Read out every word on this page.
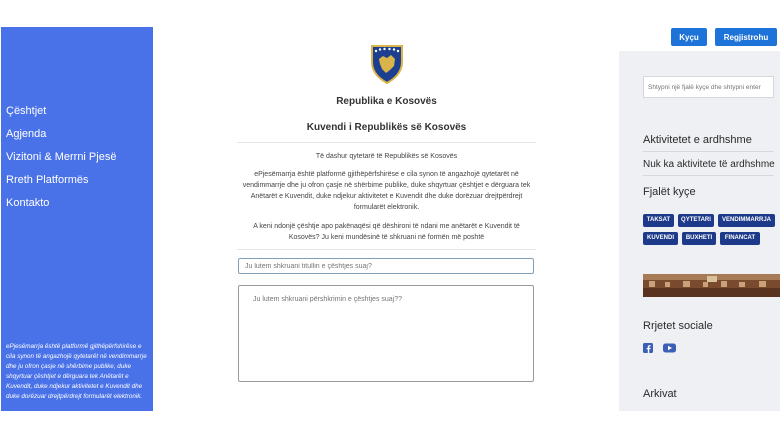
Çështjet
Agjenda
Vizitoni & Merrni Pjesë
Rreth Platformës
Kontakto
ePjesëmarrja është platformë gjithëpërfshirëse e cila synon të angazhojë qytetarët në vendimmarrje dhe ju ofron çasje në shërbime publike, duke shqyrtuar çështjet e dërguara tek Anëtarët e Kuvendit, duke ndjekur aktivitetet e Kuvendit dhe duke dorëzuar drejtpërdrejt formularët elektronik.
Republika e Kosovës
Kuvendi i Republikës së Kosovës
Të dashur qytetarë të Republikës së Kosovës
ePjesëmarrja është platformë gjithëpërfshirëse e cila synon të angazhojë qytetarët në vendimmarrje dhe ju ofron çasje në shërbime publike, duke shqyrtuar çështjet e dërguara tek Anëtarët e Kuvendit, duke ndjekur aktivitetet e Kuvendit dhe duke dorëzuar drejtpërdrejt formularët elektronik.
A keni ndonjë çështje apo pakënaqësi që dëshironi të ndani me anëtarët e Kuvendit të Kosovës? Ju keni mundësinë të shkruani në formën më poshtë
Ju lutem shkruani titullin e çështjes suaj?
Ju lutem shkruani përshkrimin e çështjes suaj??
Kyçu	Regjistrohu
Shtypni një fjalë kyçe dhe shtypni enter
Aktivitetet e ardhshme
Nuk ka aktivitete të ardhshme
Fjalët kyçe
TAKSAT	QYTETARI	VENDIMMARRJA
KUVENDI	BUXHETI	FINANCAT
Rrjetet sociale

Arkivat
